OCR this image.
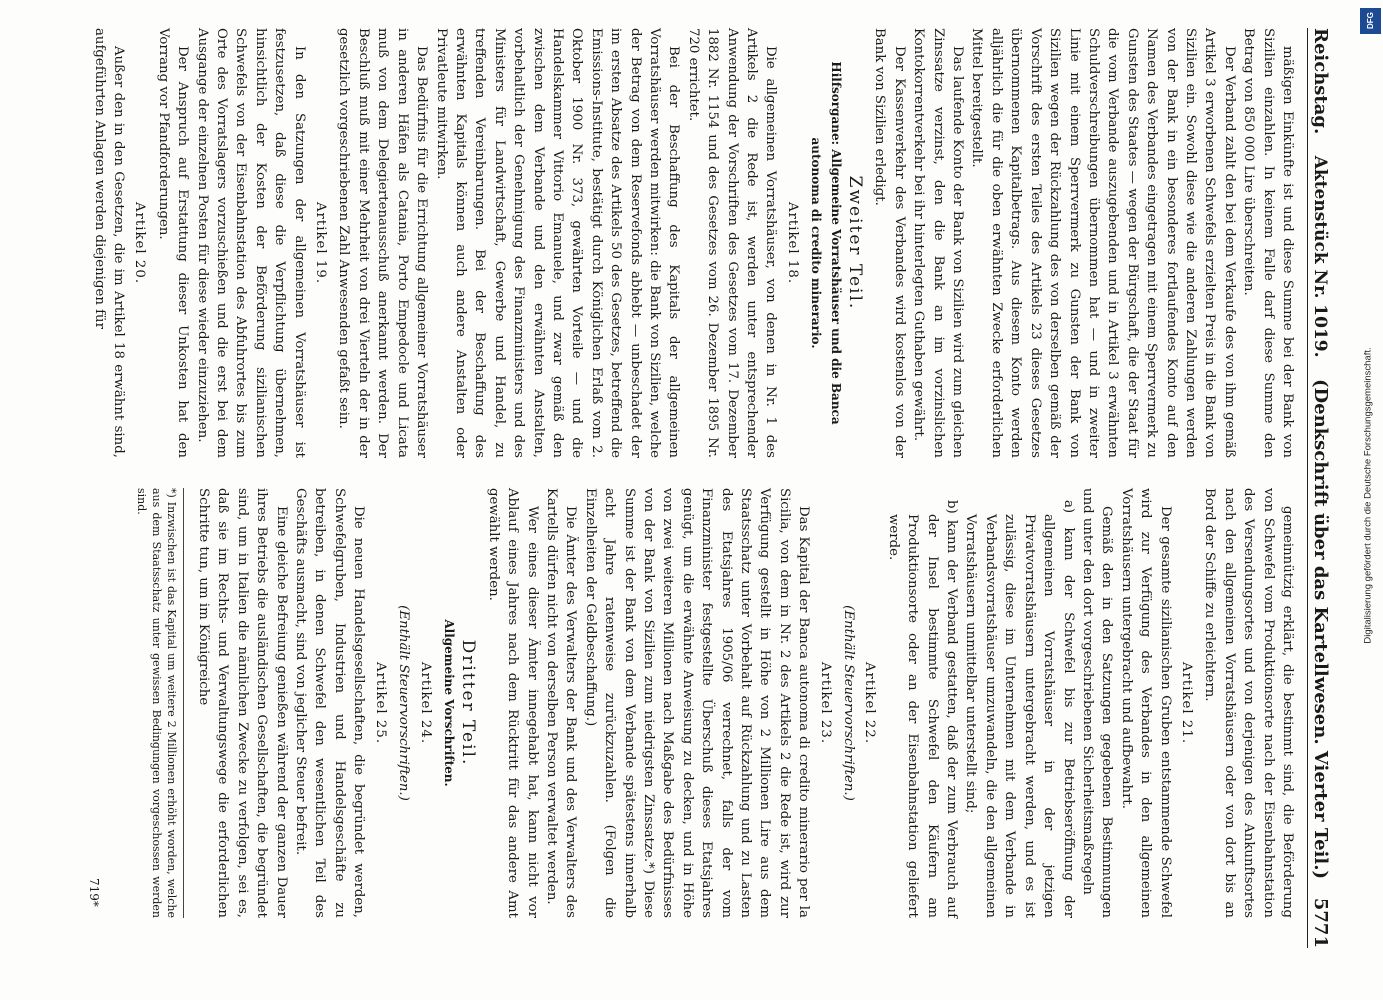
Reichstag.
Aktenstück Nr. 1019.
(Denkschrift über das Kartellwesen. Vierter Teil.)   5771

mäßigen Einkünfte ist und diese Summe bei der Bank von Sizilien einzahlen. In keinem Falle darf diese Summe den Betrag von 850 000 Lire überschreiten.

Der Verband zahlt den bei dem Verkaufe des von ihm gemäß Artikel 3 erworbenen Schwefels erzielten Preis in die Bank von Sizilien ein. Sowohl diese wie die anderen Zahlungen werden von der Bank in ein besonderes fortlaufendes Konto auf den Namen des Verbandes eingetragen mit einem Sperrvermerk zu Gunsten des Staates — wegen der Bürgschaft, die der Staat für die vom Verbande auszugebenden und in Artikel 3 erwähnten Schuldverschreibungen übernommen hat — und in zweiter Linie mit einem Sperrvermerk zu Gunsten der Bank von Sizilien wegen der Rückzahlung des von derselben gemäß der Vorschrift des ersten Teiles des Artikels 23 dieses Gesetzes übernommenen Kapitalbetrags. Aus diesem Konto werden alljährlich die für die oben erwähnten Zwecke erforderlichen Mittel bereitgestellt.

Das laufende Konto der Bank von Sizilien wird zum gleichen Zinssatze verzinst, den die Bank an im vorzinslichen Kontokorrentverkehr bei ihr hinterlegten Guthaben gewährt.

Der Kassenverkehr des Verbandes wird kostenlos von der Bank von Sizilien erledigt.

Zweiter Teil.

Hilfsorgane: Allgemeine Vorratshäuser und die Banca

autonoma di credito minerario.

Artikel 18.

Die allgemeinen Vorratshäuser, von denen in Nr. 1 des Artikels 2 die Rede ist, werden unter entsprechender Anwendung der Vorschriften des Gesetzes vom 17. Dezember 1882 Nr. 1154 und des Gesetzes vom 26. Dezember 1895 Nr. 720 errichtet.

Bei der Beschaffung des Kapitals der allgemeinen Vorratshäuser werden mitwirken: die Bank von Sizilien, welche der Betrag von dem Reservefonds abhebt — unbeschadet der im ersten Absatze des Artikels 50 des Gesetzes, betreffend die Emissions-Institute, bestätigt durch Königlichen Erlaß vom 2. Oktober 1900 Nr. 373, gewährten Vorteile — und die Handelskammer Vittorio Emanuele, und zwar gemäß den zwischen dem Verbande und den erwähnten Anstalten, vorbehaltlich der Genehmigung des Finanzministers und des Ministers für Landwirtschaft, Gewerbe und Handel, zu treffenden Vereinbarungen. Bei der Beschaffung des erwähnten Kapitals können auch andere Anstalten oder Privatleute mitwirken.

Das Bedürfnis für die Errichtung allgemeiner Vorratshäuser in anderen Häfen als Catania, Porto Empedocle und Licata muß von dem Delegiertenausschuß anerkannt werden. Der Beschluß muß mit einer Mehrheit von drei Vierteln der in der gesetzlich vorgeschriebenen Zahl Anwesenden gefaßt sein.

Artikel 19.

In den Satzungen der allgemeinen Vorratshäuser ist festzusetzen, daß diese die Verpflichtung übernehmen, hinsichtlich der Kosten der Beförderung sizilianischen Schwefels von der Eisenbahnstation des Abfuhrortes bis zum Orte des Vorratslagers vorzuschießen und die erst bei dem Ausgange der einzelnen Posten für diese wieder einzuziehen.

Der Anspruch auf Erstattung dieser Unkosten hat den Vorrang vor Pfandforderungen.

Artikel 20.

Außer den in den Gesetzen, die im Artikel 18 erwähnt sind, aufgeführten Anlagen werden diejenigen für

gemeinnützig erklärt, die bestimmt sind, die Beförderung von Schwefel vom Produktionsorte nach der Eisenbahnstation des Versendungsortes und von derjenigen des Ankunftsortes nach den allgemeinen Vorratshäusern oder von dort bis an Bord der Schiffe zu erleichtern.

Artikel 21.

Der gesamte sizilianischen Gruben entstammende Schwefel wird zur Verfügung des Verbandes in den allgemeinen Vorratshäusern untergebracht und aufbewahrt.

Gemäß den in den Satzungen gegebenen Bestimmungen und unter den dort vorgeschriebenen Sicherheitsmaßregeln

a) kann der Schwefel bis zur Betriebseröffnung der allgemeinen Vorratshäuser in der jetzigen Privatvorratshäusern untergebracht werden, und es ist zulässig, diese im Unternehmen mit dem Verbande in Verbandsvorratshäuser umzuwandeln, die den allgemeinen Vorratshäusern unmittelbar unterstellt sind;

b) kann der Verband gestatten, daß der zum Verbrauch auf der Insel bestimmte Schwefel den Käufern am Produktionsorte oder an der Eisenbahnstation geliefert werde.

Artikel 22.

(Enthält Steuervorschriften.)

Artikel 23.

Das Kapital der Banca autonoma di credito minerario per la Sicilia, von dem in Nr. 2 des Artikels 2 die Rede ist, wird zur Verfügung gestellt in Höhe von 2 Millionen Lire aus dem Staatsschatz unter Vorbehalt auf Rückzahlung und zu Lasten des Etatsjahres 1905/06 verrechnet, falls der vom Finanzminister festgestellte Überschuß dieses Etatsjahres genügt, um die erwähnte Anweisung zu decken, und in Höhe von zwei weiteren Millionen nach Maßgabe des Bedürfnisses von der Bank von Sizilien zum niedrigsten Zinssatze.*) Diese Summe ist der Bank von dem Verbande spätestens innerhalb acht Jahre ratenweise zurückzuzahlen. (Folgen die Einzelheiten der Geldbeschaffung.)

Die Ämter des Verwalters der Bank und des Verwalters des Kartells dürfen nicht von derselben Person verwaltet werden.

Wer eines dieser Ämter innegehabt hat, kann nicht vor Ablauf eines Jahres nach dem Rücktritt für das andere Amt gewählt werden.

Dritter Teil.

Allgemeine Vorschriften.

Artikel 24.

(Enthält Steuervorschriften.)

Artikel 25.

Die neuen Handelsgesellschaften, die begründet werden, Schwefelgruben, Industrien und Handelsgeschäfte zu betreiben, in denen Schwefel den wesentlichen Teil des Geschäfts ausmacht, sind von jeglicher Steuer befreit.

Eine gleiche Befreiung genießen während der ganzen Dauer ihres Betriebs die ausländischen Gesellschaften, die begründet sind, um in Italien die nämlichen Zwecke zu verfolgen, sei es, daß sie im Rechts- und Verwaltungswege die erforderlichen Schritte tun, um im Königreiche

*) Inzwischen ist das Kapital um weitere 2 Millionen erhöht worden, welche aus dem Staatsschatz unter gewissen Bedingungen vorgeschossen werden sind.

719*
DFG
Digitalisierung gefördert durch die Deutsche Forschungsgemeinschaft.
